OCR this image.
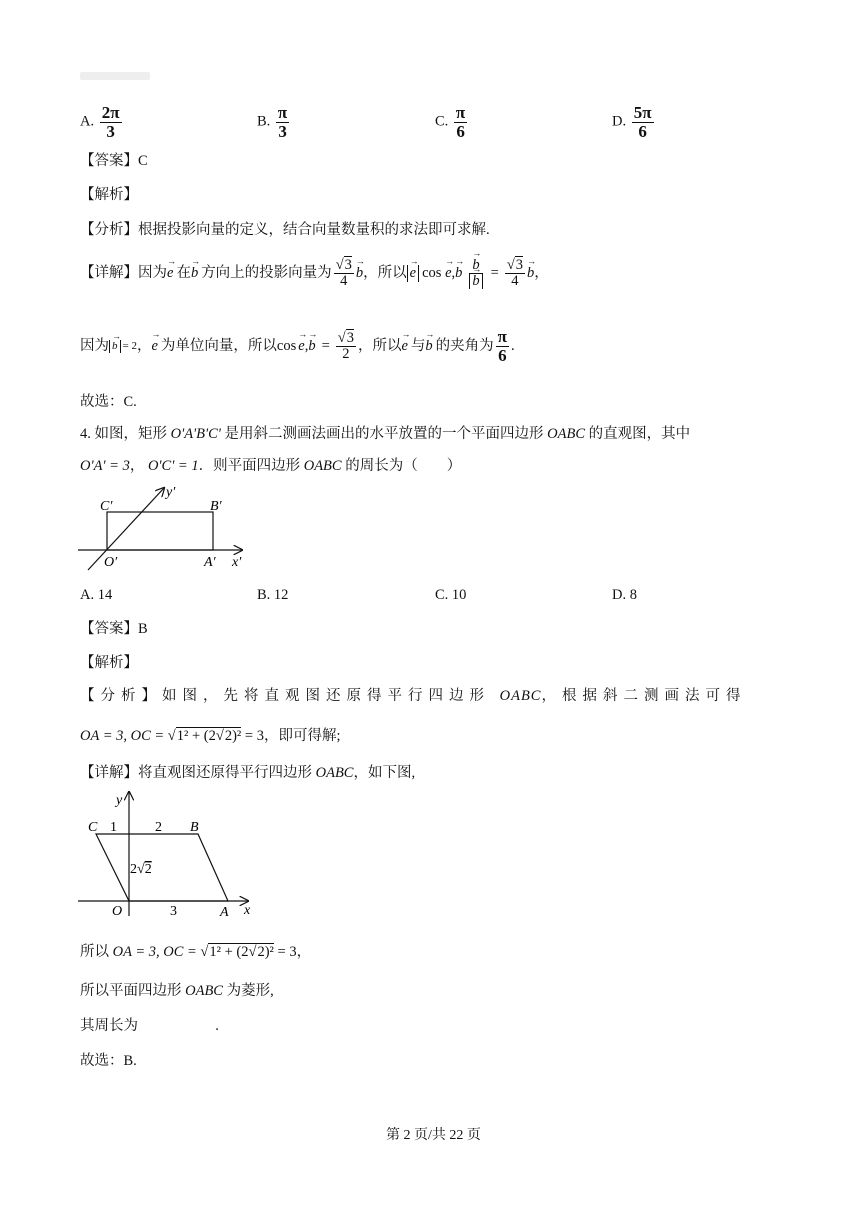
A. $\frac{2\pi}{3}$	B. $\frac{\pi}{3}$	C. $\frac{\pi}{6}$	D. $\frac{5\pi}{6}$
【答案】C
【解析】
【分析】根据投影向量的定义，结合向量数量积的求法即可求解.
【详解】 因为 → e 在 → b 方向上的投影向量为 $\frac{√3}{4} \to b$ ，所以 → e cos → e,→ b → b
→ $b = \frac{√3}{4} \to b$ ，
因为 → b = 2 ， → e 为单位向量，所以 $\cos \to e,\to b = \frac{√3}{2}$ ，所以 → e 与 → b 的夹角为 $\frac{\pi}{6}$ .
故选：C.
4. 如图，矩形 O'A'B'C' 是用斜二测画法画出的水平放置的一个平面四边形 OABC 的直观图，其中
O'A' = 3， O'C' = 1．则平面四边形 OABC 的周长为（　　）
C′	B′
O′	A′ x′
y′
A. 14	B. 12	C. 10	D. 8
【答案】B
【解析】
【分析】如图，先将直观图还原得平行四边形 OABC，根据斜二测画法可得
OA = 3, OC = √1² + (2√2)² = 3，即可得解;
【详解】将直观图还原得平行四边形 OABC，如下图,
y
C 1	2 B
2√2
O	3	A x
所以 OA = 3, OC = √1² + (2√2)² = 3，
所以平面四边形 OABC 为菱形,
其周长为	.
故选：B.
第 2 页/共 22 页
